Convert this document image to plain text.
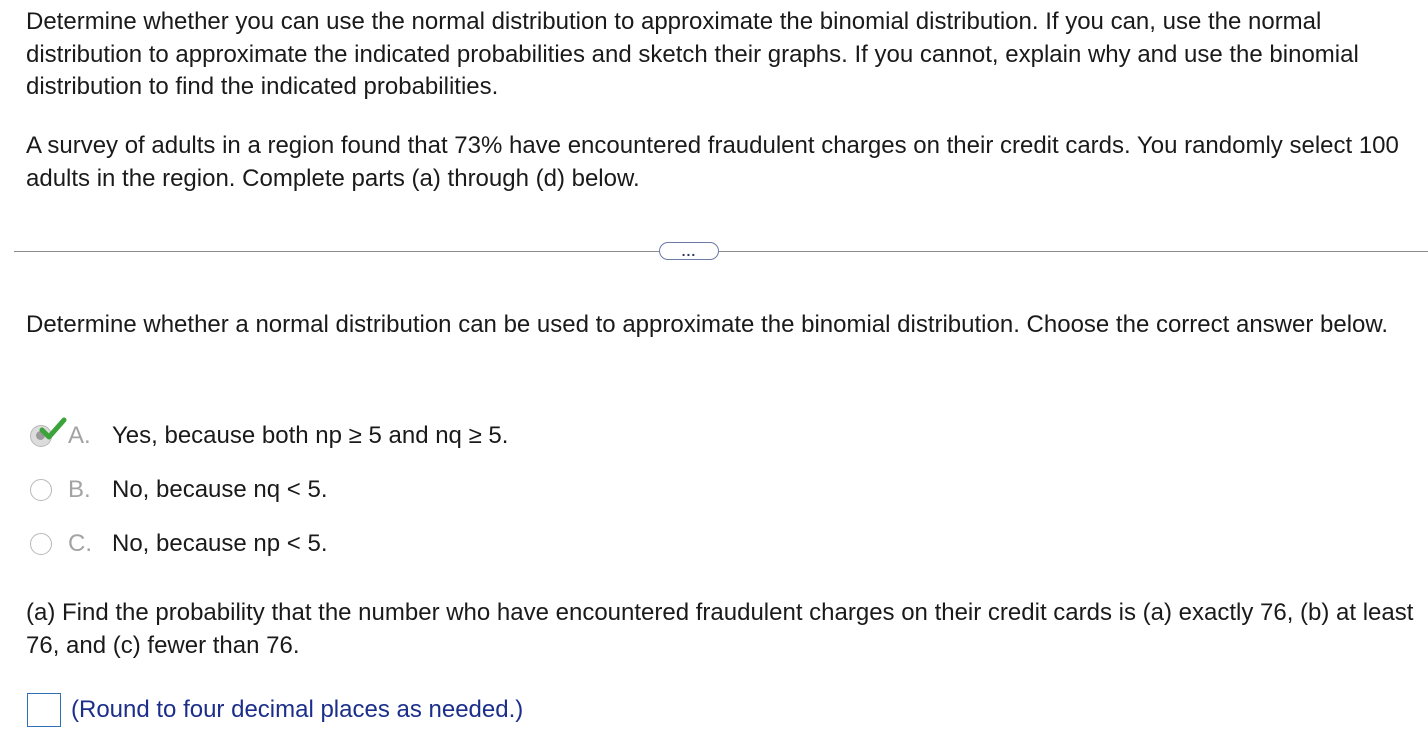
Determine whether you can use the normal distribution to approximate the binomial distribution. If you can, use the normal distribution to approximate the indicated probabilities and sketch their graphs. If you cannot, explain why and use the binomial distribution to find the indicated probabilities.

A survey of adults in a region found that 73% have encountered fraudulent charges on their credit cards. You randomly select 100 adults in the region. Complete parts (a) through (d) below.

...

Determine whether a normal distribution can be used to approximate the binomial distribution. Choose the correct answer below.

A. Yes, because both np ≥ 5 and nq ≥ 5.
B. No, because nq < 5.
C. No, because np < 5.

(a) Find the probability that the number who have encountered fraudulent charges on their credit cards is (a) exactly 76, (b) at least 76, and (c) fewer than 76.

(Round to four decimal places as needed.)
